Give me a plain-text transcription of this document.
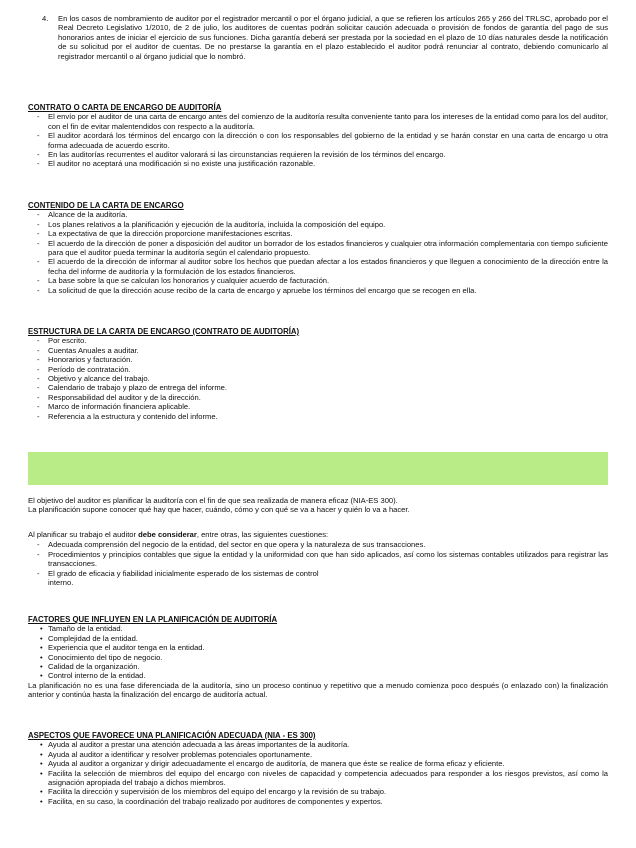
4. En los casos de nombramiento de auditor por el registrador mercantil o por el órgano judicial, a que se refieren los artículos 265 y 266 del TRLSC, aprobado por el Real Decreto Legislativo 1/2010, de 2 de julio, los auditores de cuentas podrán solicitar caución adecuada o provisión de fondos de garantía del pago de sus honorarios antes de iniciar el ejercicio de sus funciones. Dicha garantía deberá ser prestada por la sociedad en el plazo de 10 días naturales desde la notificación de su solicitud por el auditor de cuentas. De no prestarse la garantía en el plazo establecido el auditor podrá renunciar al contrato, debiendo comunicarlo al registrador mercantil o al órgano judicial que lo nombró.

CONTRATO O CARTA DE ENCARGO DE AUDITORÍA

- El envío por el auditor de una carta de encargo antes del comienzo de la auditoría resulta conveniente tanto para los intereses de la entidad como para los del auditor, con el fin de evitar malentendidos con respecto a la auditoría.
- El auditor acordará los términos del encargo con la dirección o con los responsables del gobierno de la entidad y se harán constar en una carta de encargo u otra forma adecuada de acuerdo escrito.
- En las auditorías recurrentes el auditor valorará si las circunstancias requieren la revisión de los términos del encargo.
- El auditor no aceptará una modificación si no existe una justificación razonable.

CONTENIDO DE LA CARTA DE ENCARGO

- Alcance de la auditoría.
- Los planes relativos a la planificación y ejecución de la auditoría, incluida la composición del equipo.
- La expectativa de que la dirección proporcione manifestaciones escritas.
- El acuerdo de la dirección de poner a disposición del auditor un borrador de los estados financieros y cualquier otra información complementaria con tiempo suficiente para que el auditor pueda terminar la auditoría según el calendario propuesto.
- El acuerdo de la dirección de informar al auditor sobre los hechos que puedan afectar a los estados financieros y que lleguen a conocimiento de la dirección entre la fecha del informe de auditoría y la formulación de los estados financieros.
- La base sobre la que se calculan los honorarios y cualquier acuerdo de facturación.
- La solicitud de que la dirección acuse recibo de la carta de encargo y apruebe los términos del encargo que se recogen en ella.

ESTRUCTURA DE LA CARTA DE ENCARGO (CONTRATO DE AUDITORÍA)

- Por escrito.
- Cuentas Anuales a auditar.
- Honorarios y facturación.
- Período de contratación.
- Objetivo y alcance del trabajo.
- Calendario de trabajo y plazo de entrega del informe.
- Responsabilidad del auditor y de la dirección.
- Marco de información financiera aplicable.
- Referencia a la estructura y contenido del informe.

El objetivo del auditor es planificar la auditoría con el fin de que sea realizada de manera eficaz (NIA-ES 300).

La planificación supone conocer qué hay que hacer, cuándo, cómo y con qué se va a hacer y quién lo va a hacer.

Al planificar su trabajo el auditor debe considerar, entre otras, las siguientes cuestiones:

- Adecuada comprensión del negocio de la entidad, del sector en que opera y la naturaleza de sus transacciones.
- Procedimientos y principios contables que sigue la entidad y la uniformidad con que han sido aplicados, así como los sistemas contables utilizados para registrar las transacciones.
- El grado de eficacia y fiabilidad inicialmente esperado de los sistemas de control interno.

FACTORES QUE INFLUYEN EN LA PLANIFICACIÓN DE AUDITORÍA

• Tamaño de la entidad.
• Complejidad de la entidad.
• Experiencia que el auditor tenga en la entidad.
• Conocimiento del tipo de negocio.
• Calidad de la organización.
• Control interno de la entidad.

La planificación no es una fase diferenciada de la auditoría, sino un proceso continuo y repetitivo que a menudo comienza poco después (o enlazado con) la finalización anterior y continúa hasta la finalización del encargo de auditoría actual.

ASPECTOS QUE FAVORECE UNA PLANIFICACIÓN ADECUADA (NIA - ES 300)

• Ayuda al auditor a prestar una atención adecuada a las áreas importantes de la auditoría.
• Ayuda al auditor a identificar y resolver problemas potenciales oportunamente.
• Ayuda al auditor a organizar y dirigir adecuadamente el encargo de auditoría, de manera que éste se realice de forma eficaz y eficiente.
• Facilita la selección de miembros del equipo del encargo con niveles de capacidad y competencia adecuados para responder a los riesgos previstos, así como la asignación apropiada del trabajo a dichos miembros.
• Facilita la dirección y supervisión de los miembros del equipo del encargo y la revisión de su trabajo.
• Facilita, en su caso, la coordinación del trabajo realizado por auditores de componentes y expertos.
